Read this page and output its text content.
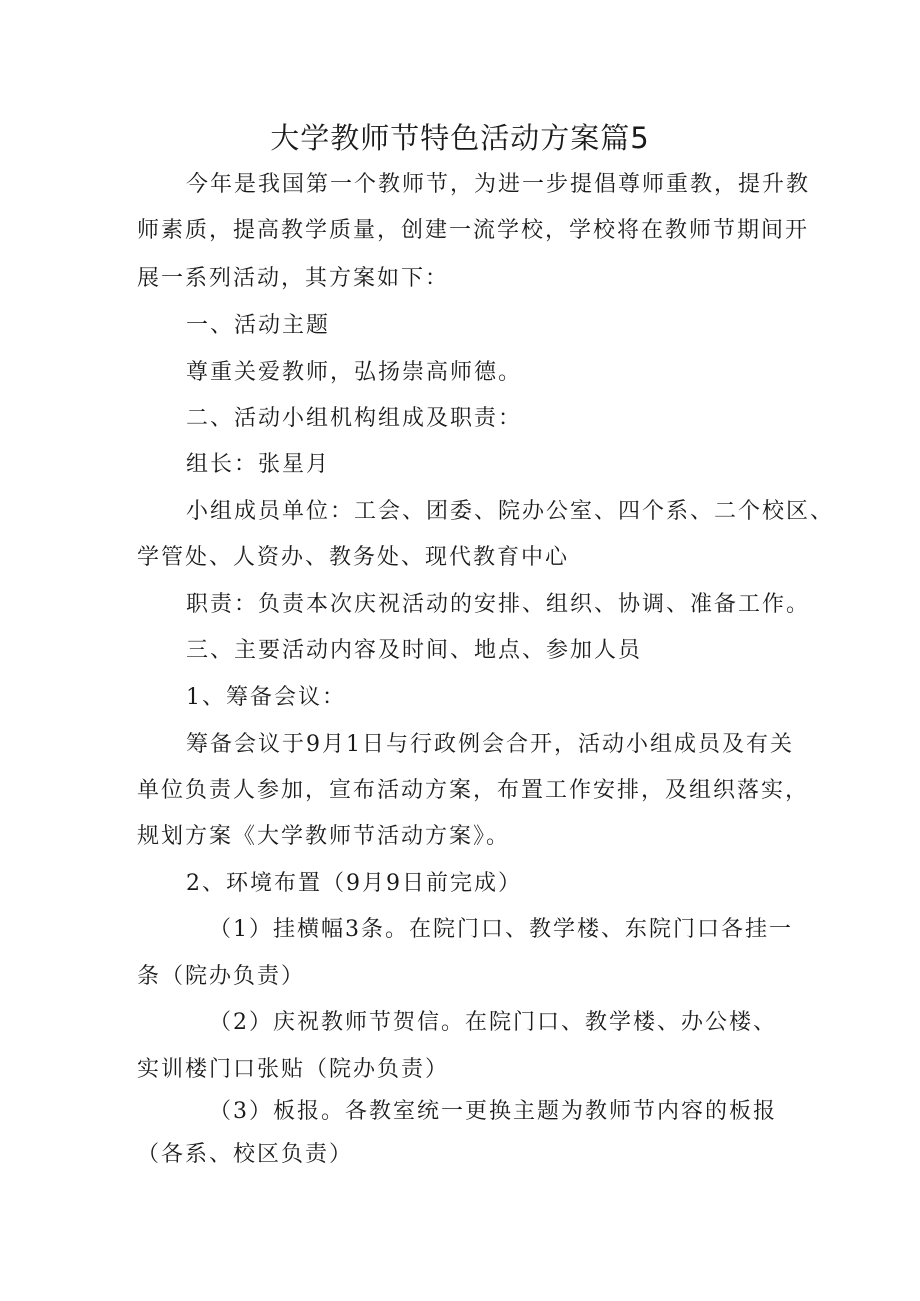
大学教师节特色活动方案篇5
今年是我国第一个教师节，为进一步提倡尊师重教，提升教
师素质，提高教学质量，创建一流学校，学校将在教师节期间开
展一系列活动，其方案如下：
一、活动主题
尊重关爱教师，弘扬崇高师德。
二、活动小组机构组成及职责：
组长：张星月
小组成员单位：工会、团委、院办公室、四个系、二个校区、
学管处、人资办、教务处、现代教育中心
职责：负责本次庆祝活动的安排、组织、协调、准备工作。
三、主要活动内容及时间、地点、参加人员
1、筹备会议：
筹备会议于9月1日与行政例会合开，活动小组成员及有关
单位负责人参加，宣布活动方案，布置工作安排，及组织落实，
规划方案《大学教师节活动方案》。
2、环境布置（9月9日前完成）
（1）挂横幅3条。在院门口、教学楼、东院门口各挂一
条（院办负责）
（2）庆祝教师节贺信。在院门口、教学楼、办公楼、
实训楼门口张贴（院办负责）
（3）板报。各教室统一更换主题为教师节内容的板报
（各系、校区负责）
